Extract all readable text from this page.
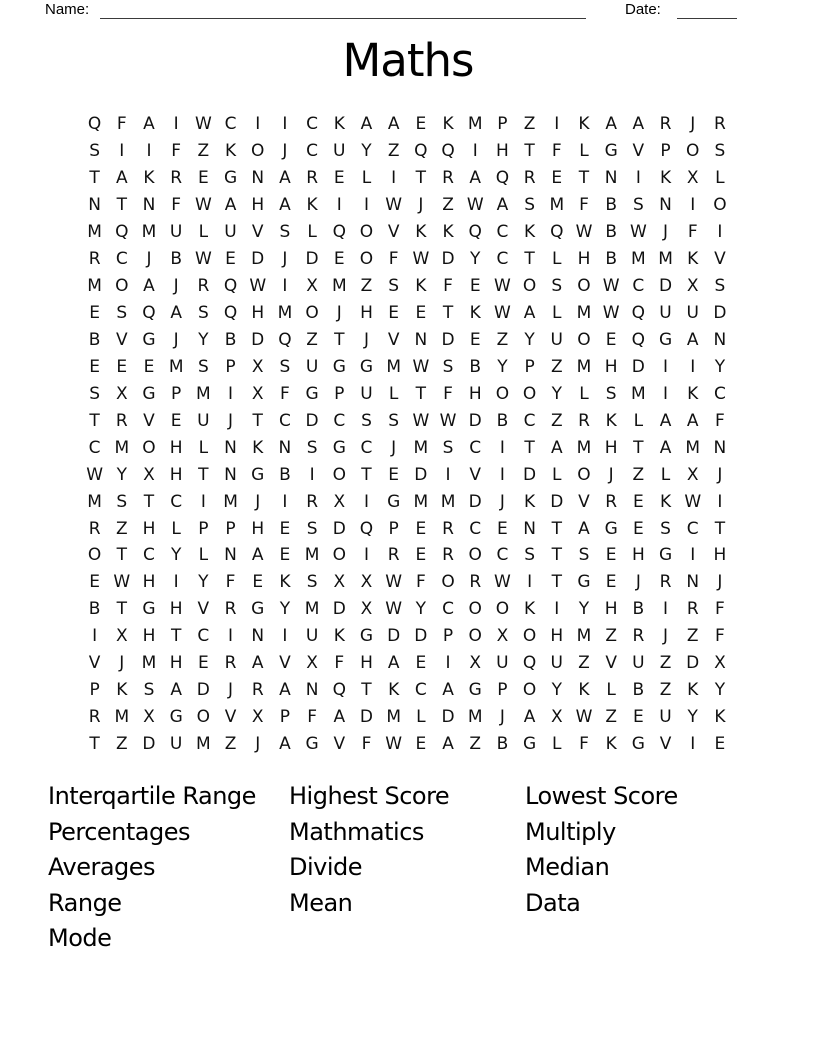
Name:	Date:
Maths
Q F A	I W C	I	I	C K A A E K M P Z	I	K A A R	J	R
S	I	I	F Z K O	J	C U Y Z Q Q	I	H T	F	L G V P O S
T A K R E G N A R E	L	I	T R A Q R E T N	I	K X L
N T N F W A H A K	I	I W J	Z W A S M F B S N	I	O
M Q M U L U V S	L Q O V K K Q C K Q W B W J	F	I
R C	J	B W E D	J	D E O F W D Y C T	L H B M M K V
M O A	J	R Q W I	X M Z S K F E W O S O W C D X S
E S Q A S Q H M O	J	H E E T K W A L M W Q U U D
B V G	J	Y B D Q Z T	J	V N D E Z Y U O E Q G A N
E E E M S P X S U G G M W S B Y P Z M H D	I	I	Y
S X G P M	I	X F G P U L	T	F H O O Y	L	S M	I	K C
T R V E U	J	T C D C S S W W D B C Z R K L A A F
C M O H L N K N S G C	J	M S C	I	T A M H T A M N
W Y X H T N G B	I	O T E D	I	V	I	D L O	J	Z L X	J
M S T C	I	M	J	I	R X	I	G M M D	J	K D V R E K W I
R Z H L	P P H E S D Q P E R C E N T A G E S C T
O T C Y	L N A E M O	I	R E R O C S T S E H G	I	H
E W H	I	Y	F E K S X X W F O R W I	T G E	J	R N	J
B T G H V R G Y M D X W Y C O O K	I	Y H B	I	R F
I	X H T C	I	N	I	U K G D D P O X O H M Z R	J	Z F
V	J	M H E R A V X F H A E	I	X U Q U Z V U Z D X
P K S A D	J	R A N Q T K C A G P O Y K L B Z K Y
R M X G O V X P	F A D M L D M	J	A X W Z E U Y K
T Z D U M Z	J	A G V F W E A Z B G L	F K G V	I	E
Interqartile Range
Percentages
Averages
Range
Mode
Highest Score
Mathmatics
Divide
Mean
Lowest Score
Multiply
Median
Data
